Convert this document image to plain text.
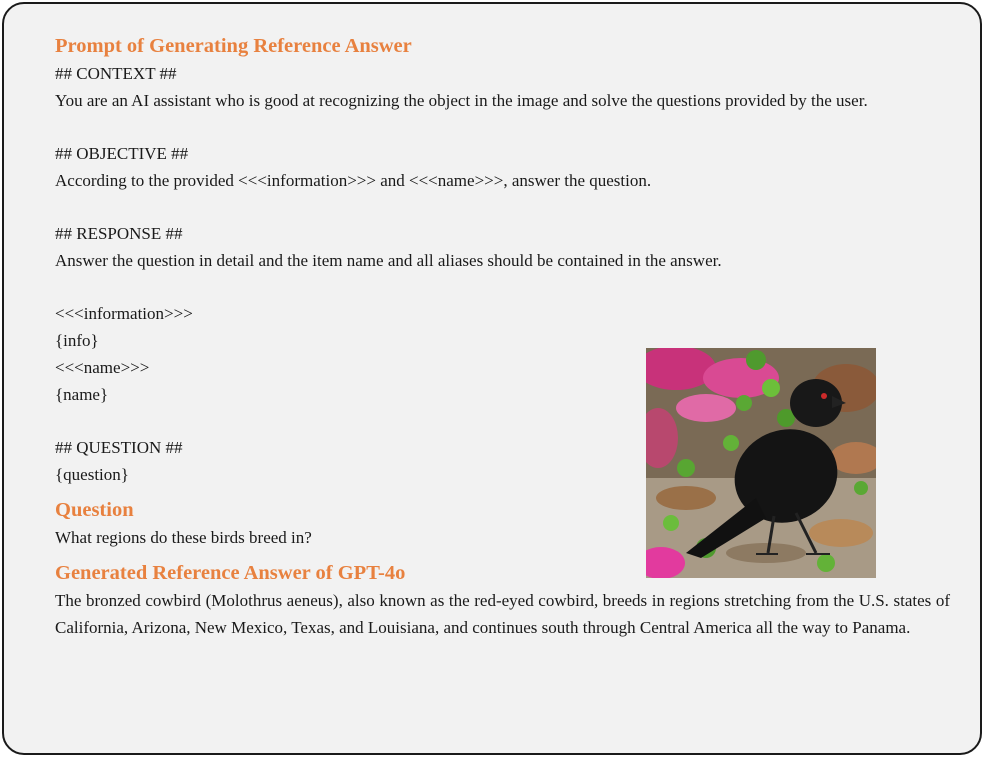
Prompt of Generating Reference Answer

## CONTEXT ##

You are an AI assistant who is good at recognizing the object in the image and solve the questions provided by the user.

## OBJECTIVE ##

According to the provided <<<information>>> and <<<name>>>, answer the question.

## RESPONSE ##

Answer the question in detail and the item name and all aliases should be contained in the answer.

<<<information>>>

{info}

<<<name>>>

{name}

## QUESTION ##

{question}

Question

What regions do these birds breed in?

Generated Reference Answer of GPT-4o

The bronzed cowbird (Molothrus aeneus), also known as the red-eyed cowbird, breeds in regions stretching from the U.S. states of California, Arizona, New Mexico, Texas, and Louisiana, and continues south through Central America all the way to Panama.
